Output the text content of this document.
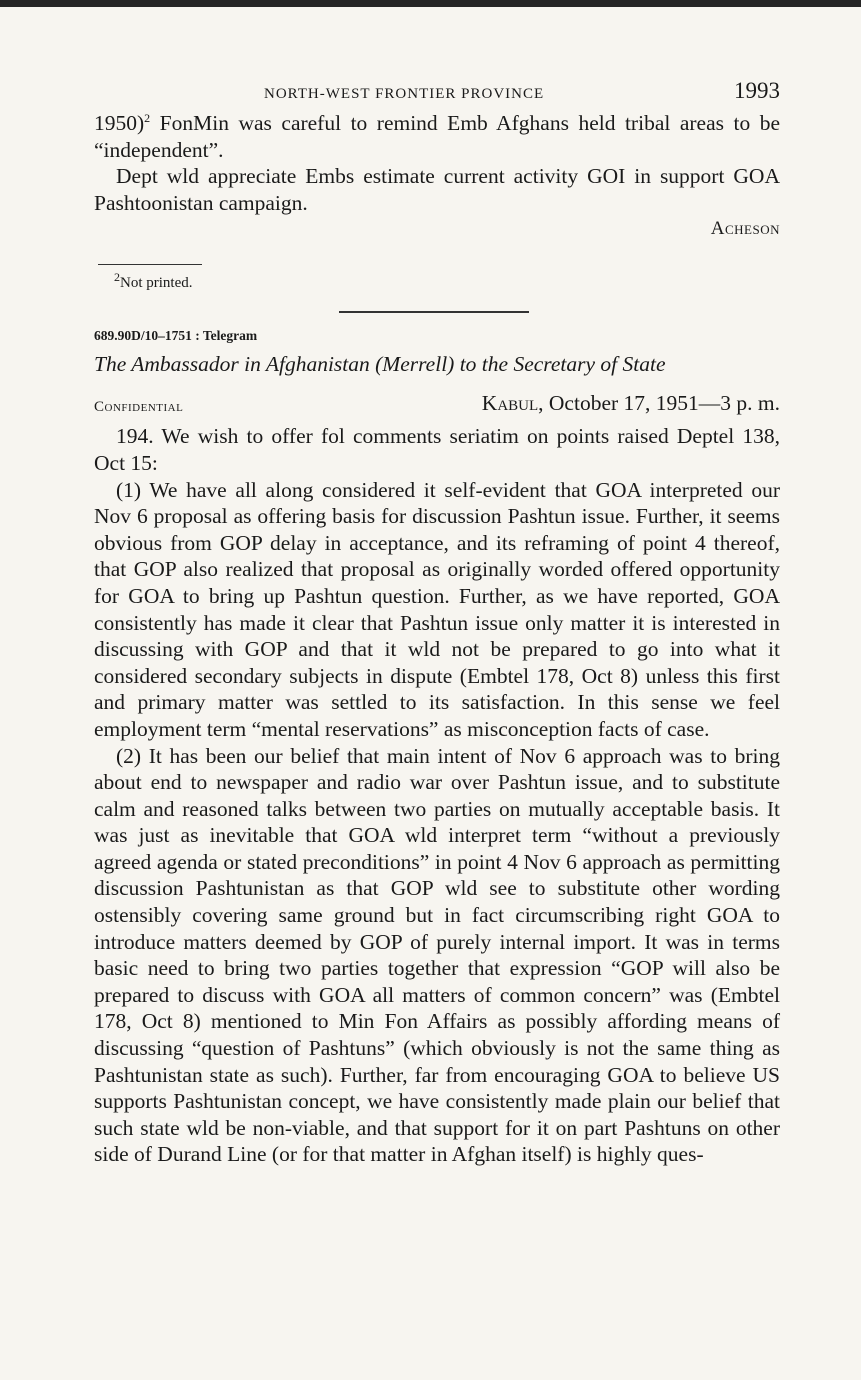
NORTH-WEST FRONTIER PROVINCE	1993

1950)$^2$ FonMin was careful to remind Emb Afghans held tribal areas to be “independent”.

Dept wld appreciate Embs estimate current activity GOI in support GOA Pashtoonistan campaign.

Acheson
$^2$Not printed.
689.90D/10–1751 : Telegram
The Ambassador in Afghanistan (Merrell) to the Secretary of State
Confidential	Kabul, October 17, 1951—3 p. m.

194. We wish to offer fol comments seriatim on points raised Deptel 138, Oct 15:

(1) We have all along considered it self-evident that GOA interpreted our Nov 6 proposal as offering basis for discussion Pashtun issue. Further, it seems obvious from GOP delay in acceptance, and its reframing of point 4 thereof, that GOP also realized that proposal as originally worded offered opportunity for GOA to bring up Pashtun question. Further, as we have reported, GOA consistently has made it clear that Pashtun issue only matter it is interested in discussing with GOP and that it wld not be prepared to go into what it considered secondary subjects in dispute (Embtel 178, Oct 8) unless this first and primary matter was settled to its satisfaction. In this sense we feel employment term “mental reservations” as misconception facts of case.

(2) It has been our belief that main intent of Nov 6 approach was to bring about end to newspaper and radio war over Pashtun issue, and to substitute calm and reasoned talks between two parties on mutually acceptable basis. It was just as inevitable that GOA wld interpret term “without a previously agreed agenda or stated preconditions” in point 4 Nov 6 approach as permitting discussion Pashtunistan as that GOP wld see to substitute other wording ostensibly covering same ground but in fact circumscribing right GOA to introduce matters deemed by GOP of purely internal import. It was in terms basic need to bring two parties together that expression “GOP will also be prepared to discuss with GOA all matters of common concern” was (Embtel 178, Oct 8) mentioned to Min Fon Affairs as possibly affording means of discussing “question of Pashtuns” (which obviously is not the same thing as Pashtunistan state as such). Further, far from encouraging GOA to believe US supports Pashtunistan concept, we have consistently made plain our belief that such state wld be non-viable, and that support for it on part Pashtuns on other side of Durand Line (or for that matter in Afghan itself) is highly ques-
